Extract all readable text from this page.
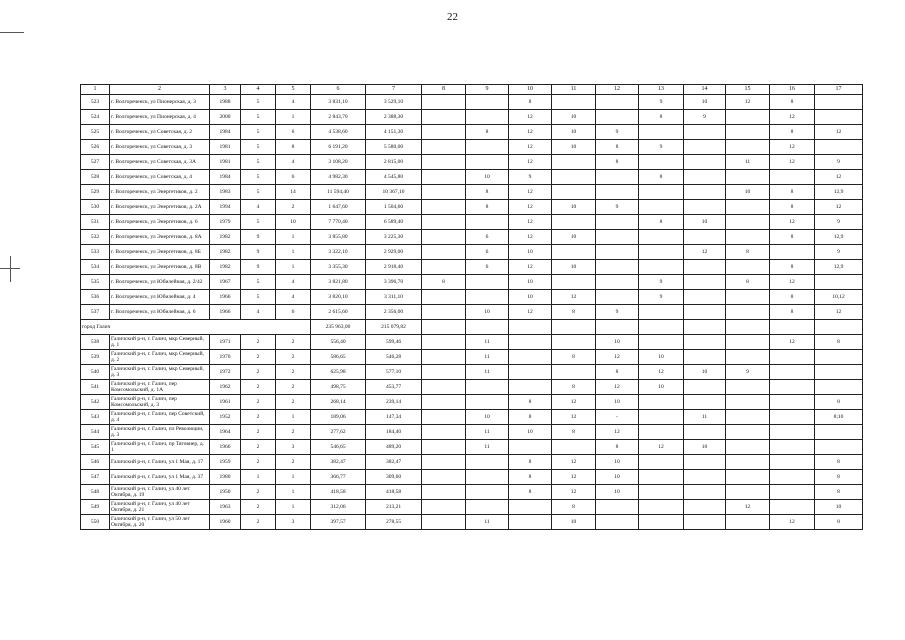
22
1	2	3	4	5	6	7	8	9	10	11	12	13	14	15	16	17
523	г. Волгореченск, ул Пионерская, д. 3	1988	5	4	3 831,10	3 529,10			8			9	10	12	8	
524	г. Волгореченск, ул Пионерская, д. 4	2000	5	1	2 843,70	2 388,30			12	10		8	9		12	
525	г. Волгореченск, ул Советская, д. 2	1984	5	6	4 538,60	4 151,30		8	12	10	9				8	12
526	г. Волгореченск, ул Советская, д. 3	1981	5	8	6 191,20	5 580,00			12	10	8	9			12	
527	г. Волгореченск, ул Советская, д. 3А	1981	5	4	3 108,20	2 815,00			12		8			11	12	9
528	г. Волгореченск, ул Советская, д. 4	1984	5	6	4 982,30	4 545,80		10	9			8				12
529	г. Волгореченск, ул Энергетиков, д. 2	1983	5	14	11 594,40	10 367,10		8	12					10	8	12,9
530	г. Волгореченск, ул Энергетиков, д. 2А	1994	4	2	1 647,60	1 504,60		8	12	10	9				8	12
531	г. Волгореченск, ул Энергетиков, д. 6	1979	5	10	7 770,40	6 589,40			12			8	10		12	9
532	г. Волгореченск, ул Энергетиков, д. 8А	1982	9	1	3 855,80	3 225,30		6	12	10					8	12,9
533	г. Волгореченск, ул Энергетиков, д. 8Б	1982	9	1	3 322,10	2 929,00		6	10				12	8		9
534	г. Волгореченск, ул Энергетиков, д. 8В	1982	9	1	3 355,30	2 918,40		6	12	10					8	12,9
535	г. Волгореченск, ул Юбилейная, д. 2/42	1967	5	4	3 821,80	3 396,70	8		10			9		8	12	
536	г. Волгореченск, ул Юбилейная, д. 4	1966	5	4	3 820,10	3 311,10			10	12		9			8	10,12
537	г. Волгореченск, ул Юбилейная, д. 6	1966	4	6	2 615,60	2 356,00		10	12	8	9				8	12
город Галич					235 963,00	215 079,82										
538	Галичский р-н, г. Галич, мкр Северный, д. 1	1971	2	2	556,40	599,46		11			10				12	8
539	Галичский р-н, г. Галич, мкр Северный, д. 2	1970	2	2	586,65	546,28		11		8	12	10				
540	Галичский р-н, г. Галич, мкр Северный, д. 3	1972	2	2	625,98	577,10		11			8	12	10	9		
541	Галичский р-н, г. Галич, пер Комсомольский, д. 1А	1962	2	2	498,75	453,77				8	12	10				
542	Галичский р-н, г. Галич, пер Комсомольский, д. 3	1961	2	2	268,14	239,14			8	12	10					8
543	Галичский р-н, г. Галич, пер Советский, д. 4	1952	2	1	189,06	147,34		10	8	12	-		11			8;10
544	Галичский р-н, г. Галич, пл Революции, д. 3	1964	2	2	277,62	184,40		11	10	8	12					
545	Галичский р-н, г. Галич, пр Тяговиер, д. 1	1966	2	3	546,65	489,20		11			8	12	10			
546	Галичский р-н, г. Галич, ул 1 Мая, д. 17	1959	2	2	382,47	382,47			8	12	10					8
547	Галичский р-н, г. Галич, ул 1 Мая, д. 37	1980	1	1	366,77	309,60			8	12	10					8
548	Галичский р-н, г. Галич, ул 40 лет Октября, д. 19	1950	2	1	418,58	418,58			8	12	10					8
549	Галичский р-н, г. Галич, ул 40 лет Октября, д. 21	1963	2	1	312,06	213,21				8				12		10
550	Галичский р-н, г. Галич, ул 50 лет Октября, д. 20	1960	2	3	397,57	278,55		11		10					12	8
